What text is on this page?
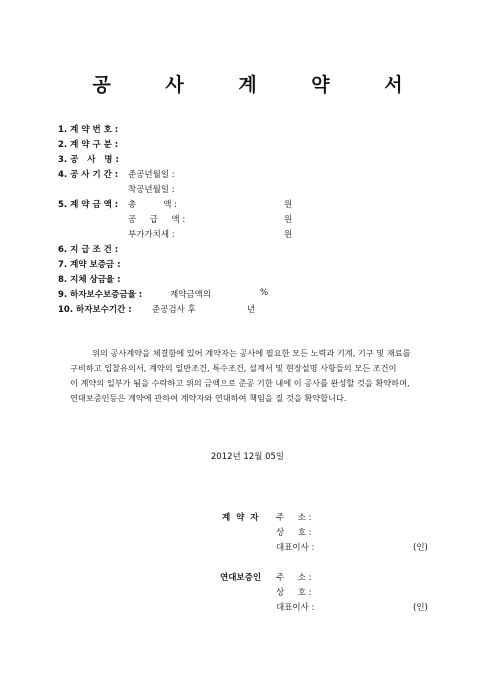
공 사 계 약 서
1. 계 약 번 호 :
2. 계 약 구 분 :
3. 공   사   명 :
4. 공 사 기 간 : 준공년월일 :
착공년월일 :
5. 계 약 금 액 : 총          액 :	원
공     급     액 :	원
부가가치세 :	원
6. 지 급 조 건 :
7. 계약 보증금 :
8. 지체 상금율 :
9. 하자보수보증금율 :	계약금액의	%
10. 하자보수기간 : 준공검사 후	년

위의 공사계약을 체결함에 있어 계약자는 공사에 필요한 모든 노력과 기계, 기구 및 재료를

구비하고 입찰유의서, 계약의 일반조건, 특수조건, 설계서 및 현장설명 사항들의 모든 조건이

이 계약의 일부가 됨을 수락하고 위의 금액으로 준공 기한 내에 이 공사를 완성할 것을 확약하며,

연대보증인등은 계약에 관하여 계약자와 연대하여 책임을 질 것을 확약합니다.

2012년 12월 05일
계  약  자 주     소 :
상     호 :
대표이사 :	(인)
연대보증인 주     소 :
상     호 :
대표이사 :	(인)
